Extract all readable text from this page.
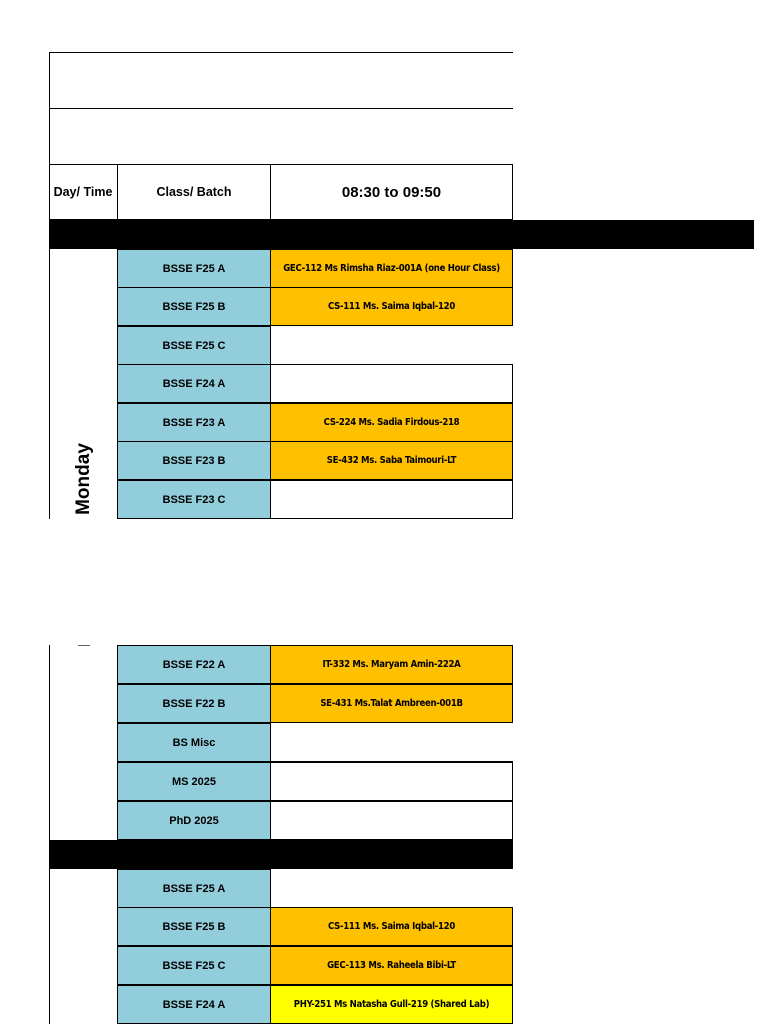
Day/ Time	Class/ Batch	08:30 to 09:50
Monday
BSSE F25 A	GEC-112 Ms Rimsha Riaz-001A (one Hour Class)
BSSE F25 B	CS-111 Ms. Saima Iqbal-120
BSSE F25 C
BSSE F24 A
BSSE F23 A	CS-224 Ms. Sadia Firdous-218
BSSE F23 B	SE-432 Ms. Saba Taimouri-LT
BSSE F23 C
BSSE F22 A	IT-332 Ms. Maryam Amin-222A
BSSE F22 B	SE-431 Ms.Talat Ambreen-001B
BS Misc
MS 2025
PhD 2025
BSSE F25 A
BSSE F25 B	CS-111 Ms. Saima Iqbal-120
BSSE F25 C	GEC-113 Ms. Raheela Bibi-LT
BSSE F24 A	PHY-251 Ms Natasha Gull-219 (Shared Lab)
